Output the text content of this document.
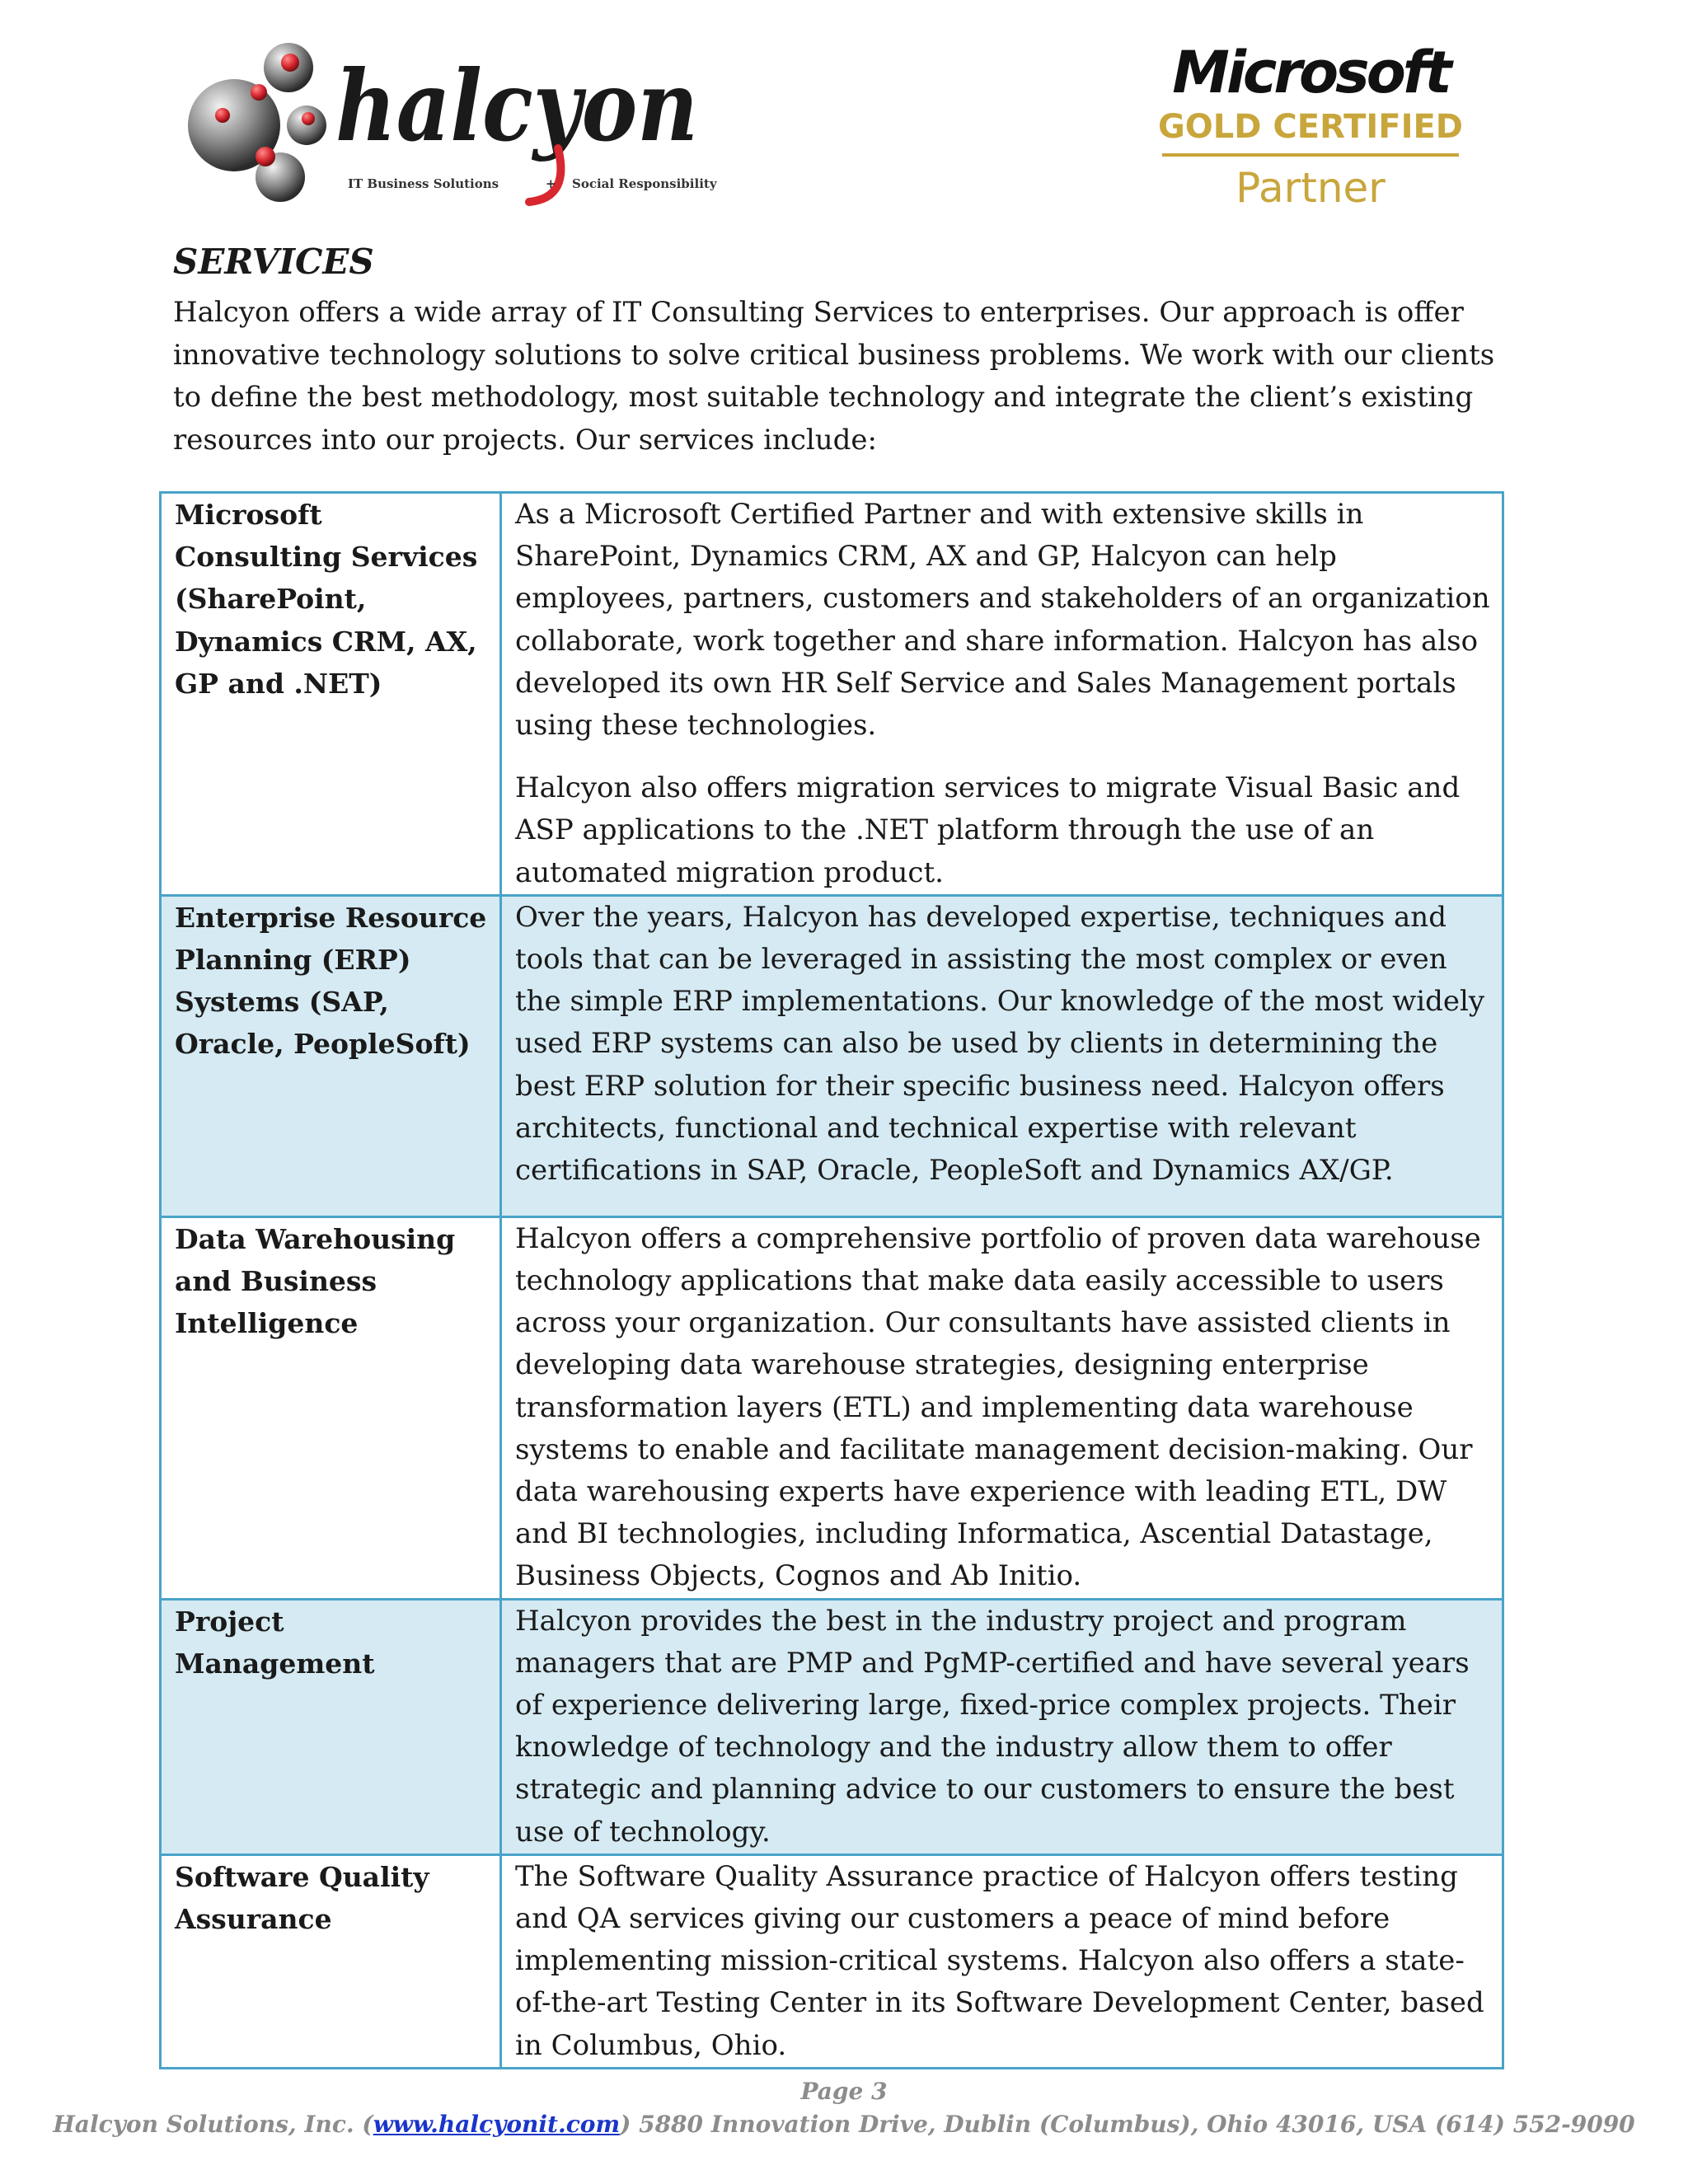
halcyon
IT Business Solutions	+ Social Responsibility
Microsoft
GOLD CERTIFIED
Partner
SERVICES

Halcyon offers a wide array of IT Consulting Services to enterprises. Our approach is offer innovative technology solutions to solve critical business problems. We work with our clients to define the best methodology, most suitable technology and integrate the client’s existing resources into our projects. Our services include:

Microsoft Consulting Services (SharePoint, Dynamics CRM, AX, GP and .NET)	As a Microsoft Certified Partner and with extensive skills in SharePoint, Dynamics CRM, AX and GP, Halcyon can help employees, partners, customers and stakeholders of an organization collaborate, work together and share information. Halcyon has also developed its own HR Self Service and Sales Management portals using these technologies.

Halcyon also offers migration services to migrate Visual Basic and ASP applications to the .NET platform through the use of an automated migration product.

Enterprise Resource Planning (ERP) Systems (SAP, Oracle, PeopleSoft)	Over the years, Halcyon has developed expertise, techniques and tools that can be leveraged in assisting the most complex or even the simple ERP implementations. Our knowledge of the most widely used ERP systems can also be used by clients in determining the best ERP solution for their specific business need. Halcyon offers architects, functional and technical expertise with relevant certifications in SAP, Oracle, PeopleSoft and Dynamics AX/GP.

Data Warehousing and Business Intelligence	Halcyon offers a comprehensive portfolio of proven data warehouse technology applications that make data easily accessible to users across your organization. Our consultants have assisted clients in developing data warehouse strategies, designing enterprise transformation layers (ETL) and implementing data warehouse systems to enable and facilitate management decision-making. Our data warehousing experts have experience with leading ETL, DW and BI technologies, including Informatica, Ascential Datastage, Business Objects, Cognos and Ab Initio.

Project Management	Halcyon provides the best in the industry project and program managers that are PMP and PgMP-certified and have several years of experience delivering large, fixed-price complex projects. Their knowledge of technology and the industry allow them to offer strategic and planning advice to our customers to ensure the best use of technology.

Software Quality Assurance	The Software Quality Assurance practice of Halcyon offers testing and QA services giving our customers a peace of mind before implementing mission-critical systems. Halcyon also offers a state-of-the-art Testing Center in its Software Development Center, based in Columbus, Ohio.

Page 3
Halcyon Solutions, Inc. (www.halcyonit.com) 5880 Innovation Drive, Dublin (Columbus), Ohio 43016, USA (614) 552-9090
